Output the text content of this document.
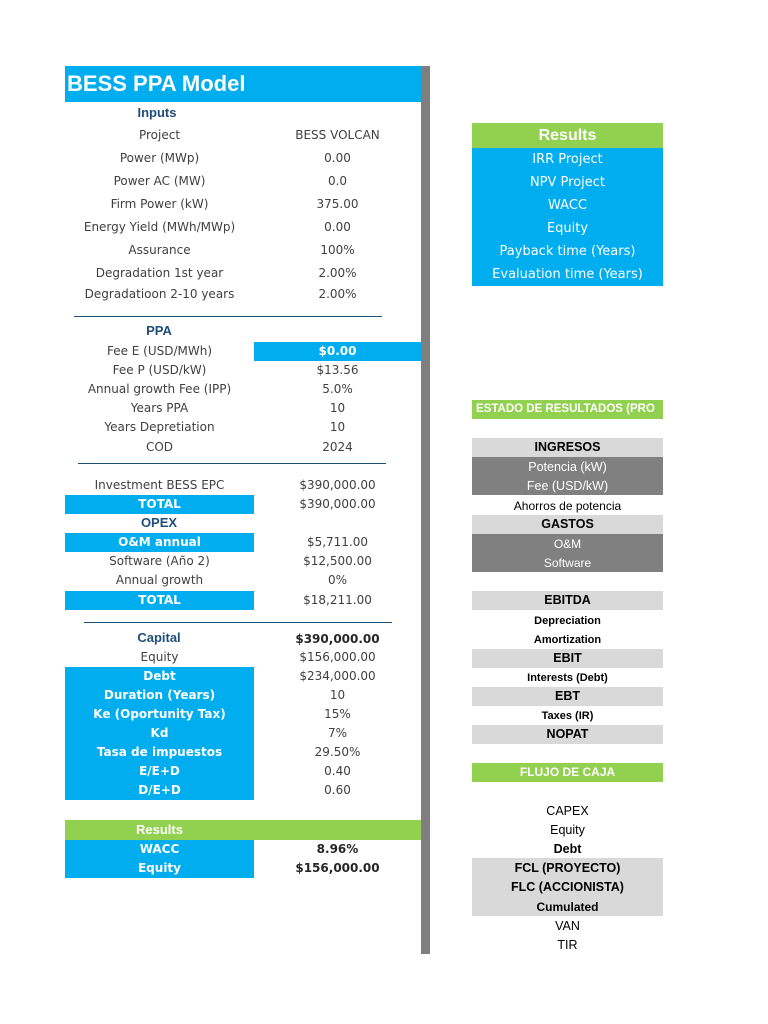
BESS PPA Model
Inputs
Project	BESS VOLCAN
Power (MWp)	0.00
Power AC (MW)	0.0
Firm Power (kW)	375.00
Energy Yield (MWh/MWp)	0.00
Assurance	100%
Degradation 1st year	2.00%
Degradatioon 2-10 years	2.00%
PPA
Fee E (USD/MWh)	$0.00
Fee P (USD/kW)	$13.56
Annual growth Fee (IPP)	5.0%
Years PPA	10
Years Depretiation	10
COD	2024
Investment BESS EPC	$390,000.00
TOTAL	$390,000.00
OPEX
O&M annual	$5,711.00
Software (Año 2)	$12,500.00
Annual growth	0%
TOTAL	$18,211.00
Capital	$390,000.00
Equity	$156,000.00
Debt	$234,000.00
Duration (Years)	10
Ke (Oportunity Tax)	15%
Kd	7%
Tasa de impuestos	29.50%
E/E+D	0.40
D/E+D	0.60
Results
WACC	8.96%
Equity	$156,000.00
Results
IRR Project
NPV Project
WACC
Equity
Payback time (Years)
Evaluation time (Years)
ESTADO DE RESULTADOS (PRO
INGRESOS
Potencia (kW)
Fee (USD/kW)
Ahorros de potencia
GASTOS
O&M
Software
EBITDA
Depreciation
Amortization
EBIT
Interests (Debt)
EBT
Taxes (IR)
NOPAT
FLUJO DE CAJA
CAPEX
Equity
Debt
FCL (PROYECTO)
FLC (ACCIONISTA)
Cumulated
VAN
TIR
